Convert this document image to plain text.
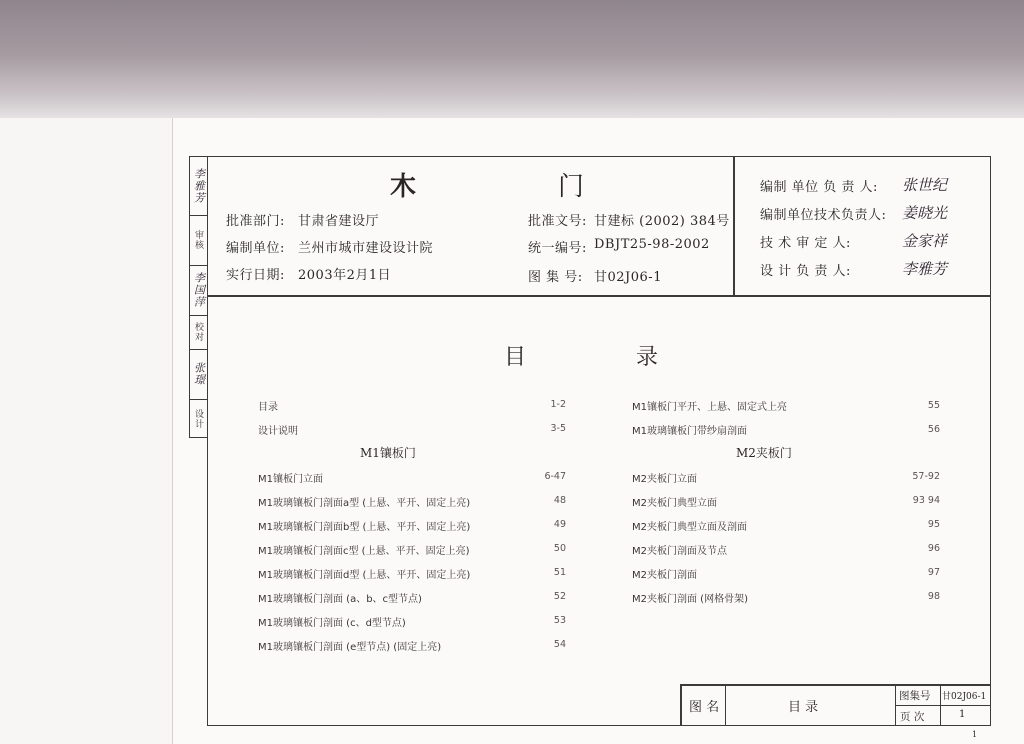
李雅芳
审核
李国萍
校对
张璟
设计
木	门
批准部门: 甘肃省建设厅
编制单位: 兰州市城市建设设计院
实行日期: 2003年2月1日
批准文号: 甘建标 (2002) 384号
统一编号: DBJT25-98-2002
图 集 号: 甘02J06-1
编制 单位 负 责 人: 张世纪
编制单位技术负责人: 姜晓光
技 术 审 定 人:	金家祥
设 计 负 责 人:	李雅芳
目	录
目录	1-2
设计说明	3-5
M1镶板门
M1镶板门立面	6-47
M1玻璃镶板门剖面a型 (上悬、平开、固定上亮)	48
M1玻璃镶板门剖面b型 (上悬、平开、固定上亮)	49
M1玻璃镶板门剖面c型 (上悬、平开、固定上亮)	50
M1玻璃镶板门剖面d型 (上悬、平开、固定上亮)	51
M1玻璃镶板门剖面 (a、b、c型节点)	52
M1玻璃镶板门剖面 (c、d型节点)	53
M1玻璃镶板门剖面 (e型节点) (固定上亮)	54
M1镶板门平开、上悬、固定式上亮	55
M1玻璃镶板门带纱扇剖面	56
M2夹板门
M2夹板门立面	57-92
M2夹板门典型立面	93 94
M2夹板门典型立面及剖面	95
M2夹板门剖面及节点	96
M2夹板门剖面	97
M2夹板门剖面 (网格骨架)	98
图 名	目 录
图集号 甘02J06-1
页 次	1
1
